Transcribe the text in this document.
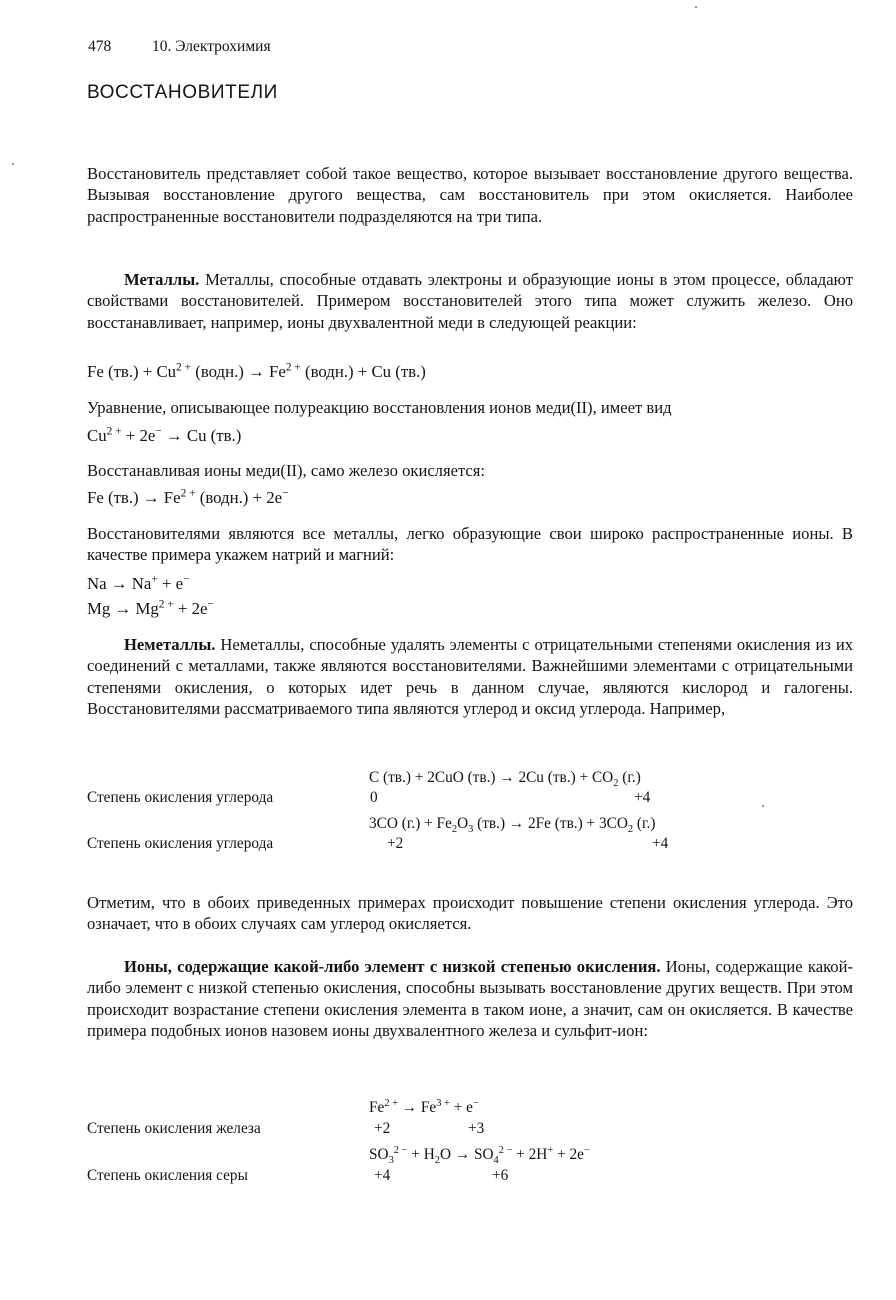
478	10. Электрохимия
ВОССТАНОВИТЕЛИ

Восстановитель представляет собой такое вещество, которое вызывает восстановление другого вещества. Вызывая восстановление другого вещества, сам восстановитель при этом окисляется. Наиболее распространенные восстановители подразделяются на три типа.

Металлы. Металлы, способные отдавать электроны и образующие ионы в этом процессе, обладают свойствами восстановителей. Примером восстановителей этого типа может служить железо. Оно восстанавливает, например, ионы двухвалентной меди в следующей реакции:

Fe $(тв.) + Cu^{2 +}$ (водн.) → $Fe^{2 +}$ (водн.) + Cu (тв.)

Уравнение, описывающее полуреакцию восстановления ионов меди(II), имеет вид

$Cu^{2 +} + 2e^- \to Cu$ (тв.)

Восстанавливая ионы меди(II), само железо окисляется:

Fe $(тв.) \to Fe^{2 +}$ (водн.) + 2e−

Восстановителями являются все металлы, легко образующие свои широко распространенные ионы. В качестве примера укажем натрий и магний:

Na → Na+ + e−
$Mg \to Mg^{2 +} + 2e^-$

Неметаллы. Неметаллы, способные удалять элементы с отрицательными степенями окисления из их соединений с металлами, также являются восстановителями. Важнейшими элементами с отрицательными степенями окисления, о которых идет речь в данном случае, являются кислород и галогены. Восстановителями рассматриваемого типа являются углерод и оксид углерода. Например,

C (тв.) + 2CuO (тв.) → 2Cu $(тв.) + CO_2$ (г.)
Степень окисления углерода	0	+4
3CO $(г.) + Fe_2O_3$ (тв.) → 2Fe $(тв.) + 3CO_2$ (г.)
Степень окисления углерода	+2	+4

Отметим, что в обоих приведенных примерах происходит повышение степени окисления углерода. Это означает, что в обоих случаях сам углерод окисляется.

Ионы, содержащие какой-либо элемент с низкой степенью окисления. Ионы, содержащие какой-либо элемент с низкой степенью окисления, способны вызывать восстановление других веществ. При этом происходит возрастание степени окисления элемента в таком ионе, а значит, сам он окисляется. В качестве примера подобных ионов назовем ионы двухвалентного железа и сульфит-ион:

$Fe^{2 +} \to Fe^{3 +} + e^-$
Степень окисления железа	+2	+3
$SO_3^{2 -} + H_2O \to SO_4^{2 -} + 2H^+ + 2e^-$
Степень окисления серы	+4	+6
